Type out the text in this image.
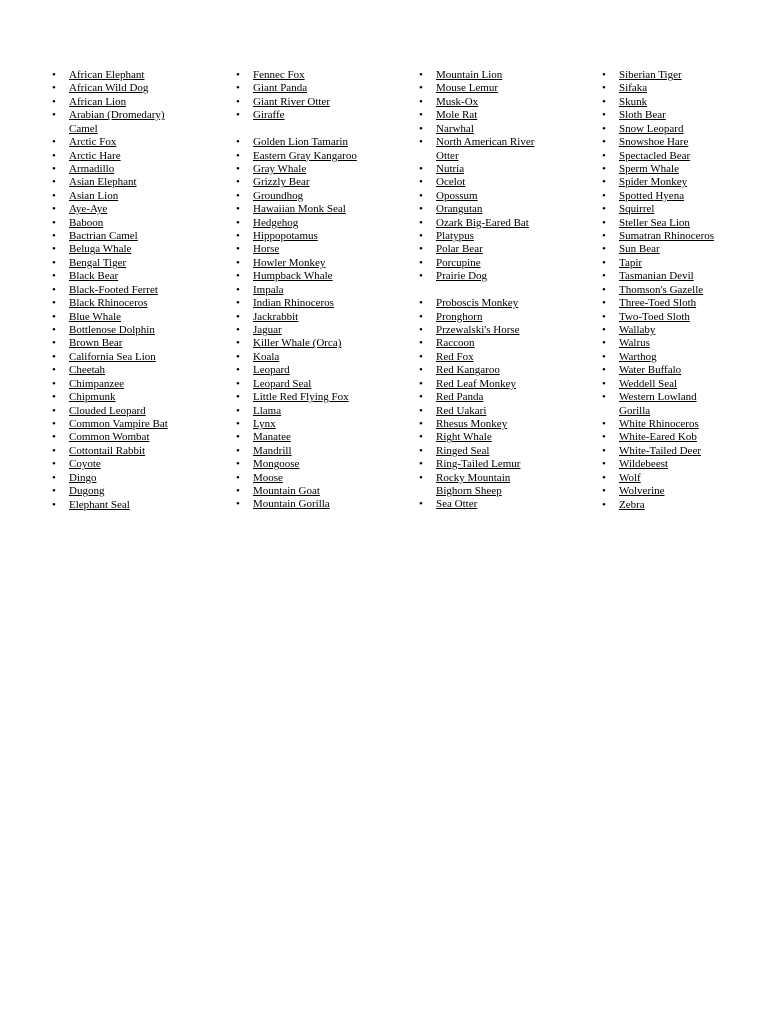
• African Elephant
• African Wild Dog
• African Lion
• Arabian (Dromedary)
Camel
• Arctic Fox
• Arctic Hare
• Armadillo
• Asian Elephant
• Asian Lion
• Aye-Aye
• Baboon
• Bactrian Camel
• Beluga Whale
• Bengal Tiger
• Black Bear
• Black-Footed Ferret
• Black Rhinoceros
• Blue Whale
• Bottlenose Dolphin
• Brown Bear
• California Sea Lion
• Cheetah
• Chimpanzee
• Chipmunk
• Clouded Leopard
• Common Vampire Bat
• Common Wombat
• Cottontail Rabbit
• Coyote
• Dingo
• Dugong
• Elephant Seal
• Fennec Fox
• Giant Panda
• Giant River Otter
• Giraffe
• Golden Lion Tamarin
• Eastern Gray Kangaroo
• Gray Whale
• Grizzly Bear
• Groundhog
• Hawaiian Monk Seal
• Hedgehog
• Hippopotamus
• Horse
• Howler Monkey
• Humpback Whale
• Impala
• Indian Rhinoceros
• Jackrabbit
• Jaguar
• Killer Whale (Orca)
• Koala
• Leopard
• Leopard Seal
• Little Red Flying Fox
• Llama
• Lynx
• Manatee
• Mandrill
• Mongoose
• Moose
• Mountain Goat
• Mountain Gorilla
• Mountain Lion
• Mouse Lemur
• Musk-Ox
• Mole Rat
• Narwhal
• North American River
Otter
• Nutria
• Ocelot
• Opossum
• Orangutan
• Ozark Big-Eared Bat
• Platypus
• Polar Bear
• Porcupine
• Prairie Dog
• Proboscis Monkey
• Pronghorn
• Przewalski's Horse
• Raccoon
• Red Fox
• Red Kangaroo
• Red Leaf Monkey
• Red Panda
• Red Uakari
• Rhesus Monkey
• Right Whale
• Ringed Seal
• Ring-Tailed Lemur
• Rocky Mountain
Bighorn Sheep
• Sea Otter
• Siberian Tiger
• Sifaka
• Skunk
• Sloth Bear
• Snow Leopard
• Snowshoe Hare
• Spectacled Bear
• Sperm Whale
• Spider Monkey
• Spotted Hyena
• Squirrel
• Steller Sea Lion
• Sumatran Rhinoceros
• Sun Bear
• Tapir
• Tasmanian Devil
• Thomson's Gazelle
• Three-Toed Sloth
• Two-Toed Sloth
• Wallaby
• Walrus
• Warthog
• Water Buffalo
• Weddell Seal
• Western Lowland
Gorilla
• White Rhinoceros
• White-Eared Kob
• White-Tailed Deer
• Wildebeest
• Wolf
• Wolverine
• Zebra
